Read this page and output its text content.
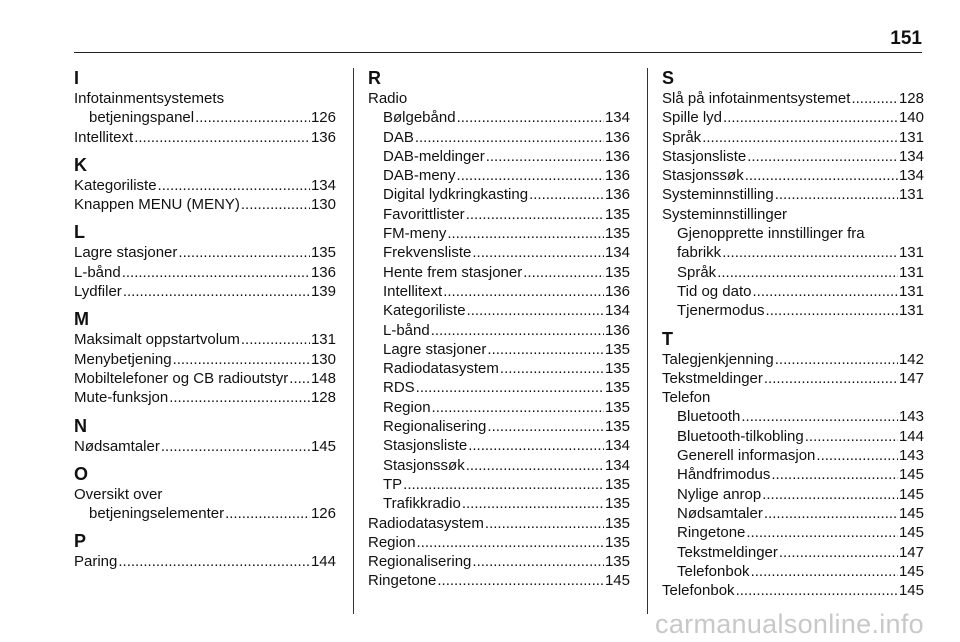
151
I
Infotainmentsystemets
betjeningspanel .....	126
Intellitext .....	136
K
Kategoriliste .....	134
Knappen MENU (MENY) .....	130
L
Lagre stasjoner .....	135
L-bånd .....	136
Lydfiler .....	139
M
Maksimalt oppstartvolum .....	131
Menybetjening .....	130
Mobiltelefoner og CB radioutstyr ..... 148
Mute-funksjon .....	128
N
Nødsamtaler .....	145
O
Oversikt over
betjeningselementer .....	126
P
Paring .....	144
R
Radio
Bølgebånd .....	134
DAB .....	136
DAB-meldinger .....	136
DAB-meny .....	136
Digital lydkringkasting .....	136
Favorittlister .....	135
FM-meny .....	135
Frekvensliste .....	134
Hente frem stasjoner .....	135
Intellitext .....	136
Kategoriliste .....	134
L-bånd .....	136
Lagre stasjoner .....	135
Radiodatasystem .....	135
RDS .....	135
Region .....	135
Regionalisering .....	135
Stasjonsliste .....	134
Stasjonssøk .....	134
TP .....	135
Trafikkradio .....	135
Radiodatasystem .....	135
Region .....	135
Regionalisering .....	135
Ringetone .....	145
S
Slå på infotainmentsystemet .....	128
Spille lyd .....	140
Språk .....	131
Stasjonsliste .....	134
Stasjonssøk .....	134
Systeminnstilling .....	131
Systeminnstillinger
Gjenopprette innstillinger fra
fabrikk .....	131
Språk .....	131
Tid og dato .....	131
Tjenermodus .....	131
T
Talegjenkjenning .....	142
Tekstmeldinger .....	147
Telefon
Bluetooth .....	143
Bluetooth-tilkobling .....	144
Generell informasjon .....	143
Håndfrimodus .....	145
Nylige anrop .....	145
Nødsamtaler .....	145
Ringetone .....	145
Tekstmeldinger .....	147
Telefonbok .....	145
Telefonbok .....	145
carmanualsonline.info
